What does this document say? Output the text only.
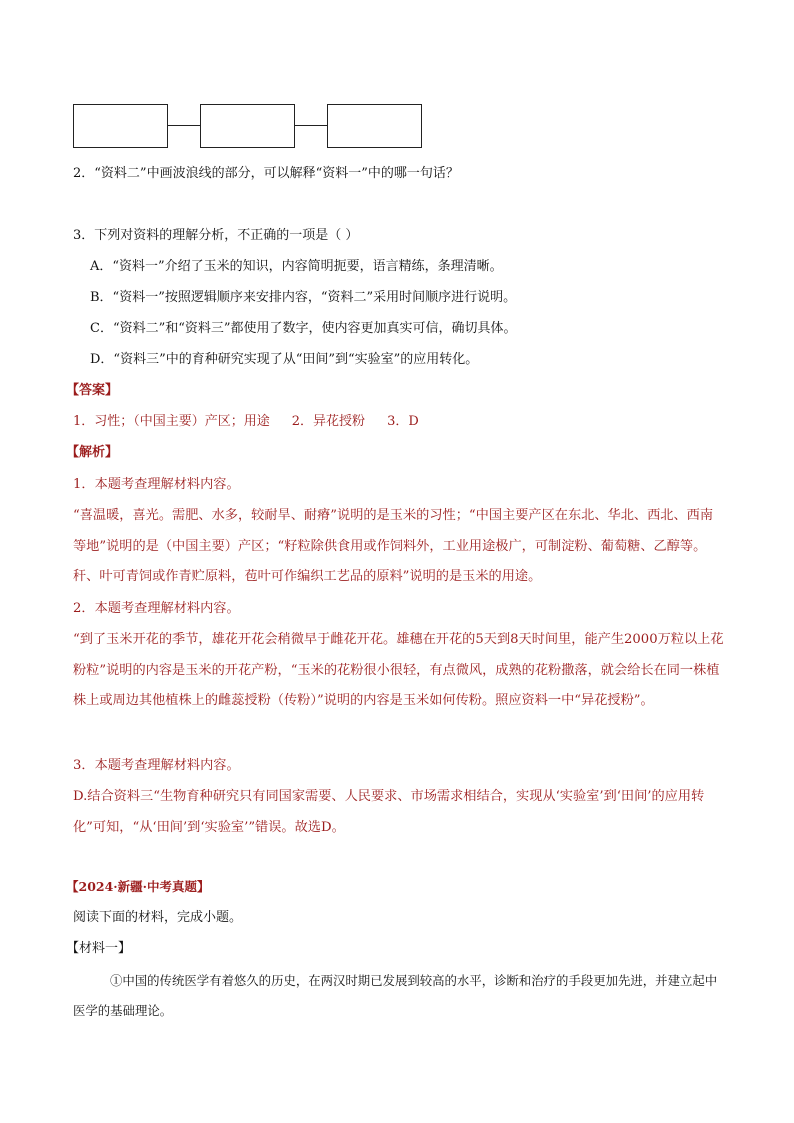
2．“资料二”中画波浪线的部分，可以解释“资料一”中的哪一句话？
3．下列对资料的理解分析，不正确的一项是（ ）
A．“资料一”介绍了玉米的知识，内容简明扼要，语言精练，条理清晰。
B．“资料一”按照逻辑顺序来安排内容，“资料二”采用时间顺序进行说明。
C．“资料二”和“资料三”都使用了数字，使内容更加真实可信，确切具体。
D．“资料三”中的育种研究实现了从“田间”到“实验室”的应用转化。
【答案】
1．习性；（中国主要）产区；用途 2．异花授粉 3．D
【解析】

1．本题考查理解材料内容。

“喜温暖，喜光。需肥、水多，较耐旱、耐瘠”说明的是玉米的习性；“中国主要产区在东北、华北、西北、西南等地”说明的是（中国主要）产区；“籽粒除供食用或作饲料外，工业用途极广，可制淀粉、葡萄糖、乙醇等。秆、叶可青饲或作青贮原料，苞叶可作编织工艺品的原料”说明的是玉米的用途。

2．本题考查理解材料内容。

“到了玉米开花的季节，雄花开花会稍微早于雌花开花。雄穗在开花的5天到8天时间里，能产生2000万粒以上花粉粒”说明的内容是玉米的开花产粉，“玉米的花粉很小很轻，有点微风，成熟的花粉撒落，就会给长在同一株植株上或周边其他植株上的雌蕊授粉（传粉）”说明的内容是玉米如何传粉。照应资料一中“异花授粉”。

3．本题考查理解材料内容。

D.结合资料三“生物育种研究只有同国家需要、人民要求、市场需求相结合，实现从‘实验室’到‘田间’的应用转化”可知，“从‘田间’到‘实验室’”错误。故选D。

【2024·新疆·中考真题】
阅读下面的材料，完成小题。
【材料一】

①中国的传统医学有着悠久的历史，在两汉时期已发展到较高的水平，诊断和治疗的手段更加先进，并建立起中医学的基础理论。
